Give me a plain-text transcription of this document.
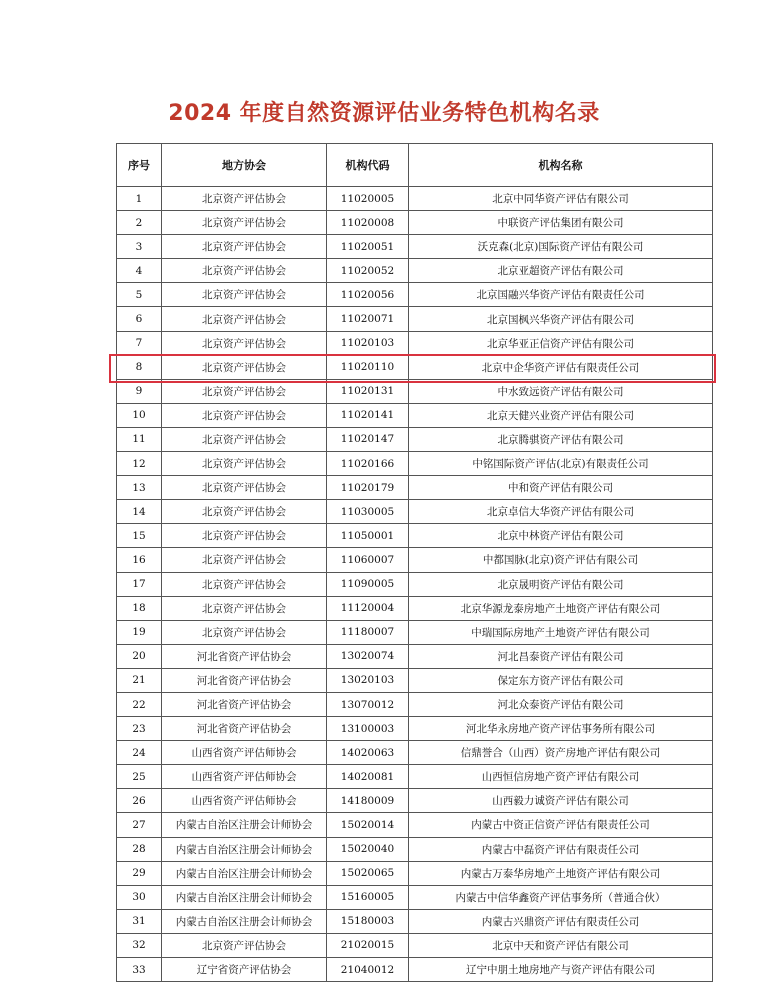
2024 年度自然资源评估业务特色机构名录
序号	地方协会	机构代码	机构名称
1	北京资产评估协会	11020005	北京中同华资产评估有限公司
2	北京资产评估协会	11020008	中联资产评估集团有限公司
3	北京资产评估协会	11020051	沃克森(北京)国际资产评估有限公司
4	北京资产评估协会	11020052	北京亚超资产评估有限公司
5	北京资产评估协会	11020056	北京国融兴华资产评估有限责任公司
6	北京资产评估协会	11020071	北京国枫兴华资产评估有限公司
7	北京资产评估协会	11020103	北京华亚正信资产评估有限公司
8	北京资产评估协会	11020110	北京中企华资产评估有限责任公司
9	北京资产评估协会	11020131	中水致远资产评估有限公司
10	北京资产评估协会	11020141	北京天健兴业资产评估有限公司
11	北京资产评估协会	11020147	北京腾骐资产评估有限公司
12	北京资产评估协会	11020166	中铭国际资产评估(北京)有限责任公司
13	北京资产评估协会	11020179	中和资产评估有限公司
14	北京资产评估协会	11030005	北京卓信大华资产评估有限公司
15	北京资产评估协会	11050001	北京中林资产评估有限公司
16	北京资产评估协会	11060007	中都国脉(北京)资产评估有限公司
17	北京资产评估协会	11090005	北京晟明资产评估有限公司
18	北京资产评估协会	11120004	北京华源龙泰房地产土地资产评估有限公司
19	北京资产评估协会	11180007	中瑞国际房地产土地资产评估有限公司
20	河北省资产评估协会	13020074	河北昌泰资产评估有限公司
21	河北省资产评估协会	13020103	保定东方资产评估有限公司
22	河北省资产评估协会	13070012	河北众泰资产评估有限公司
23	河北省资产评估协会	13100003	河北华永房地产资产评估事务所有限公司
24	山西省资产评估师协会	14020063	信鼎誉合（山西）资产房地产评估有限公司
25	山西省资产评估师协会	14020081	山西恒信房地产资产评估有限公司
26	山西省资产评估师协会	14180009	山西毅力诚资产评估有限公司
27	内蒙古自治区注册会计师协会	15020014	内蒙古中资正信资产评估有限责任公司
28	内蒙古自治区注册会计师协会	15020040	内蒙古中磊资产评估有限责任公司
29	内蒙古自治区注册会计师协会	15020065	内蒙古万泰华房地产土地资产评估有限公司
30	内蒙古自治区注册会计师协会	15160005	内蒙古中信华鑫资产评估事务所（普通合伙）
31	内蒙古自治区注册会计师协会	15180003	内蒙古兴鼎资产评估有限责任公司
32	北京资产评估协会	21020015	北京中天和资产评估有限公司
33	辽宁省资产评估协会	21040012	辽宁中朋土地房地产与资产评估有限公司
